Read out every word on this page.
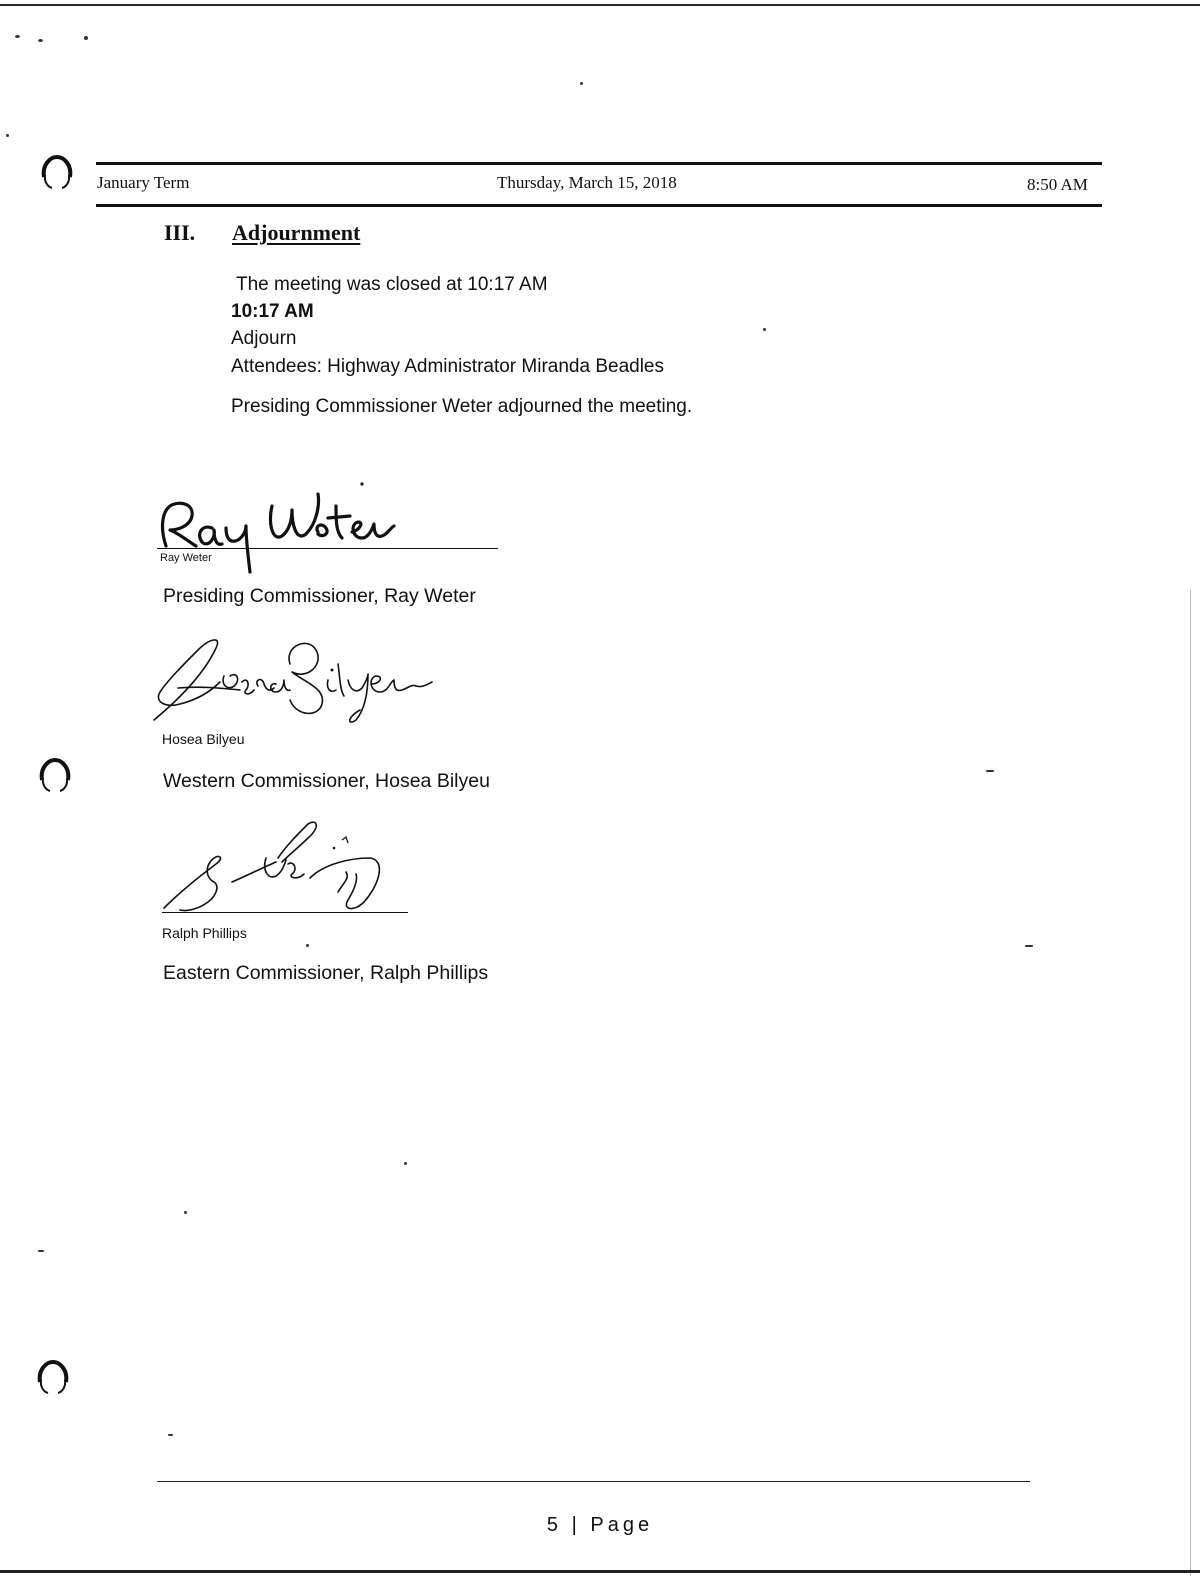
January Term	Thursday, March 15, 2018	8:50 AM
III. Adjournment
The meeting was closed at 10:17 AM
10:17 AM
Adjourn
Attendees: Highway Administrator Miranda Beadles
Presiding Commissioner Weter adjourned the meeting.
Ray Weter
Presiding Commissioner, Ray Weter
Hosea Bilyeu
Western Commissioner, Hosea Bilyeu
Ralph Phillips
Eastern Commissioner, Ralph Phillips
5 | Page
